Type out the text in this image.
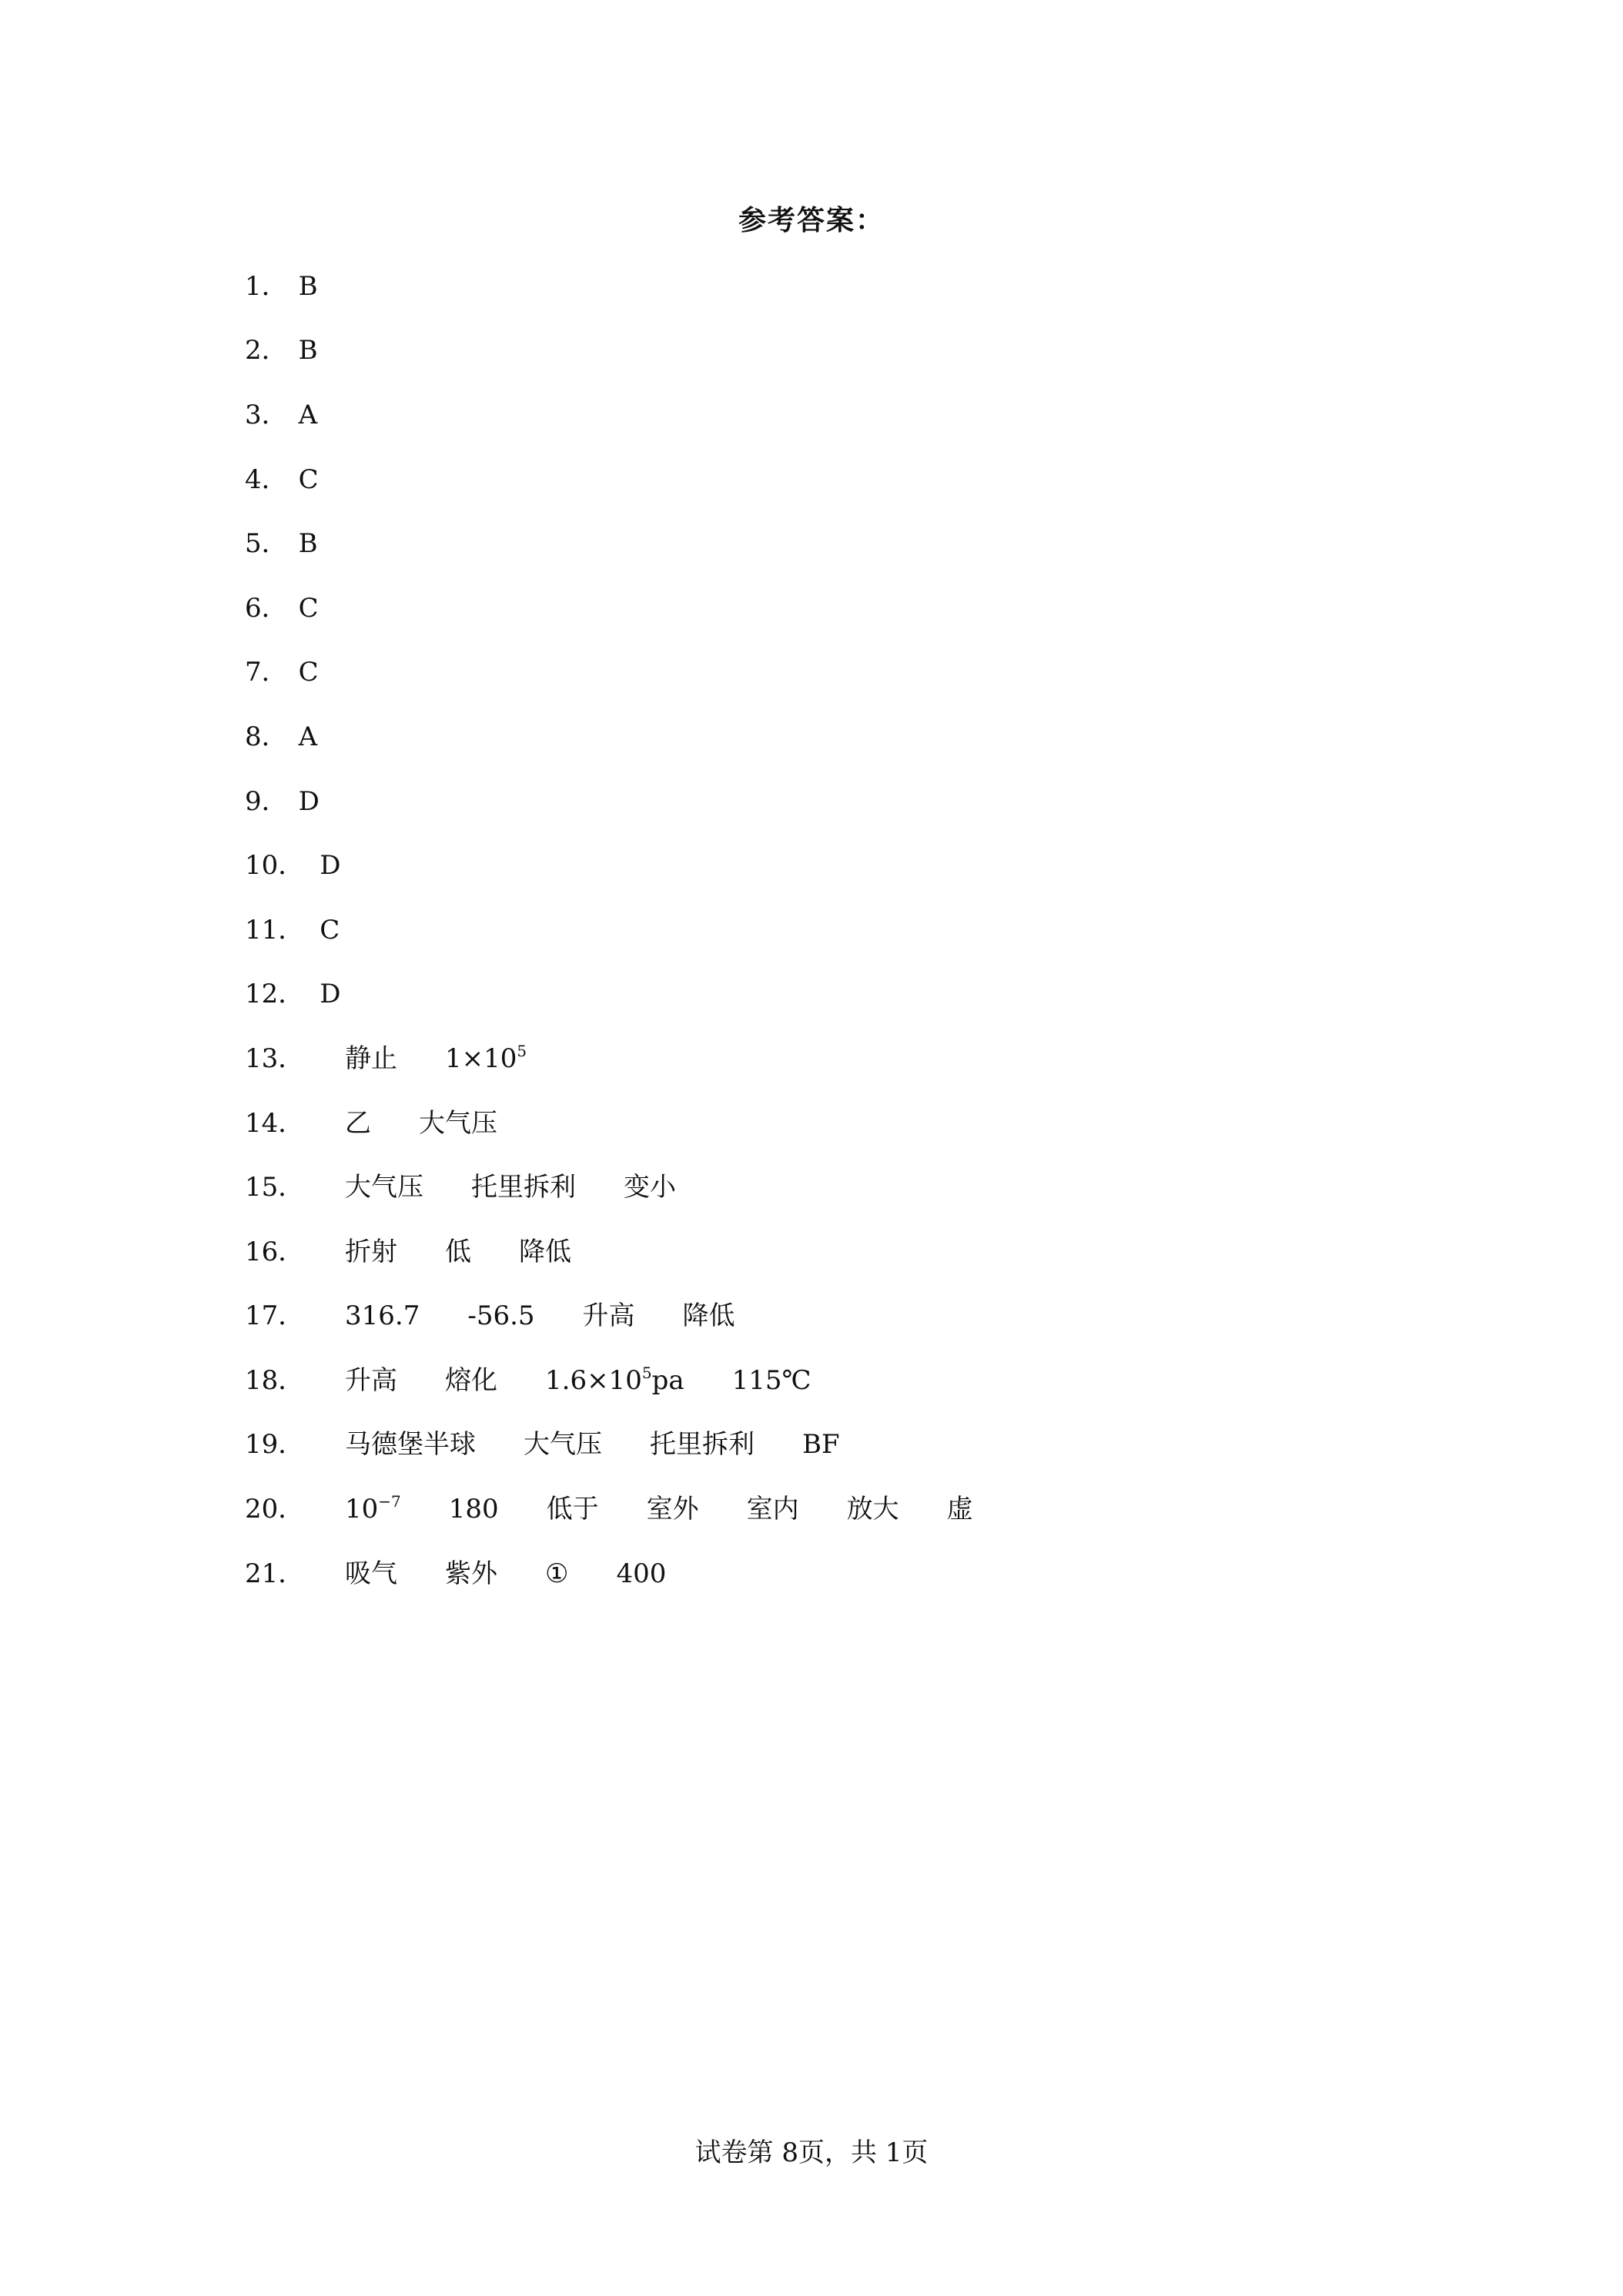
参考答案：
1． B
2． B
3． A
4． C
5． B
6． C
7． C
8． A
9． D
10． D
11． C
12． D
13．	静止 $1\times 10^5$
14．	乙 大气压
15．	大气压 托里拆利 变小
16．	折射 低 降低
17．	316.7 -56.5 升高 降低
18．	升高 熔化 $1.6\times 10^5pa$ 115℃
19．	马德堡半球 大气压 托里拆利 BF
20．	$10^{-7}$ 180 低于 室外 室内 放大 虚
21．	吸气 紫外 ① 400
试卷第 8页，共 1页
